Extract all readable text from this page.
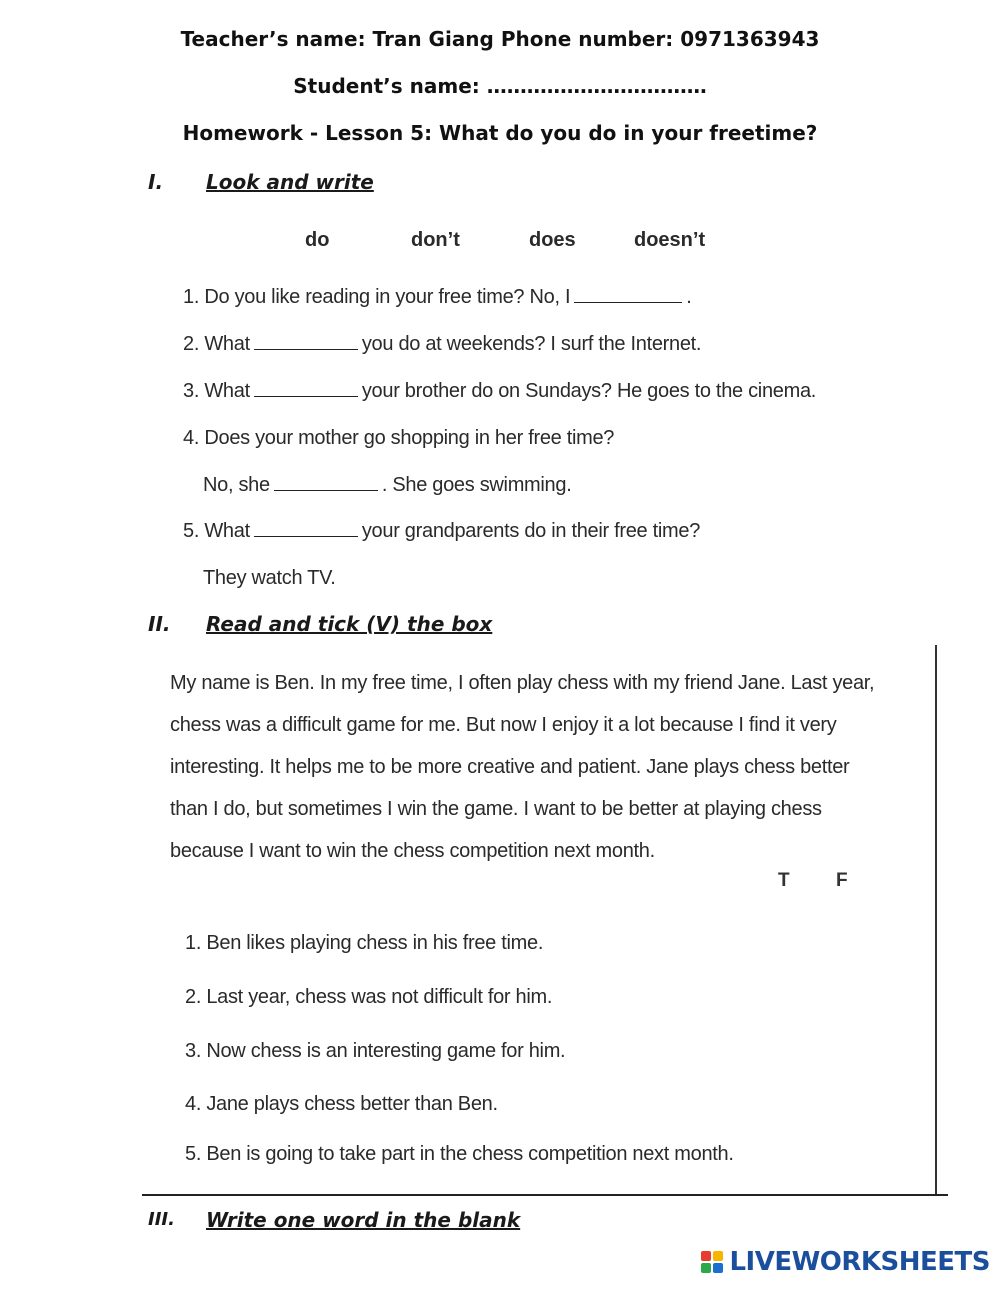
Teacher’s name: Tran Giang Phone number: 0971363943
Student’s name: ……………………………
Homework - Lesson 5: What do you do in your freetime?
I. Look and write
do	don’t	does	doesn’t
1. Do you like reading in your free time? No, I	.
2. What	you do at weekends? I surf the Internet.
3. What	your brother do on Sundays? He goes to the cinema.
4. Does your mother go shopping in her free time?
No, she	. She goes swimming.
5. What	your grandparents do in their free time?
They watch TV.
II. Read and tick (V) the box
My name is Ben. In my free time, I often play chess with my friend Jane. Last year,
chess was a difficult game for me. But now I enjoy it a lot because I find it very
interesting. It helps me to be more creative and patient. Jane plays chess better
than I do, but sometimes I win the game. I want to be better at playing chess
because I want to win the chess competition next month.
T F
1. Ben likes playing chess in his free time.
2. Last year, chess was not difficult for him.
3. Now chess is an interesting game for him.
4. Jane plays chess better than Ben.
5. Ben is going to take part in the chess competition next month.
III. Write one word in the blank
LIVEWORKSHEETS
